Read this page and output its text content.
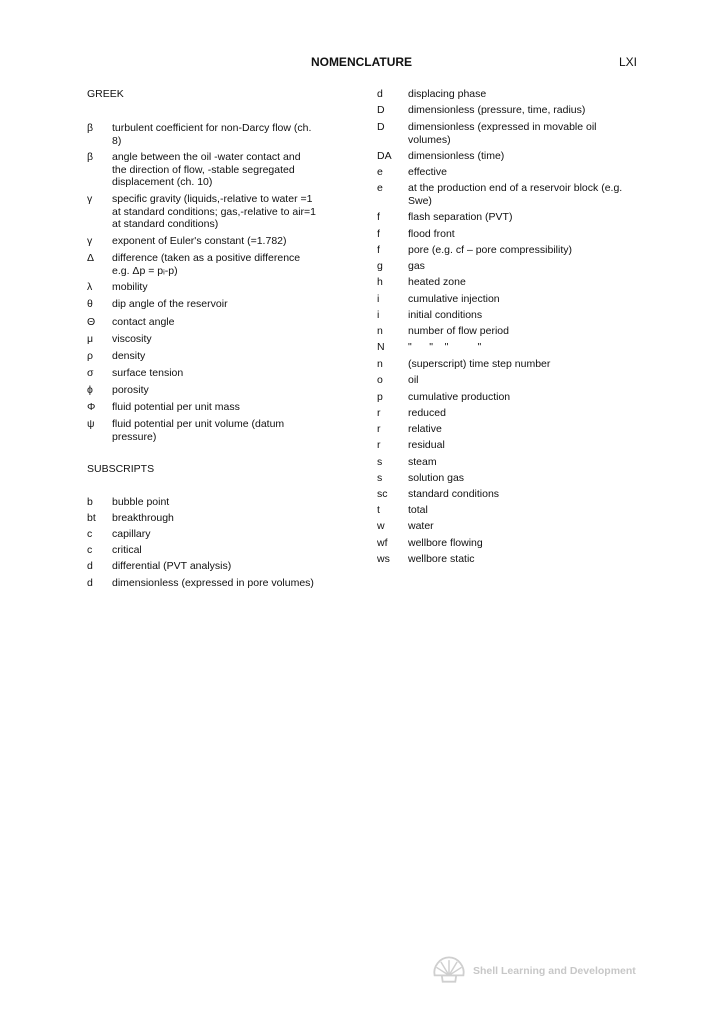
NOMENCLATURE	LXI
GREEK
SUBSCRIPTS
β	turbulent coefficient for non-Darcy flow (ch. 8)
β	angle between the oil -water contact and the direction of flow, -stable segregated displacement (ch. 10)
γ	specific gravity (liquids,-relative to water =1 at standard conditions; gas,-relative to air=1 at standard conditions)
γ	exponent of Euler's constant (=1.782)
Δ	difference (taken as a positive difference e.g. Δp = pᵢ-p)
λ	mobility
θ	dip angle of the reservoir
Θ	contact angle
μ	viscosity
ρ	density
σ	surface tension
ϕ	porosity
Φ	fluid potential per unit mass
ψ	fluid potential per unit volume (datum pressure)
b	bubble point
bt	breakthrough
c	capillary
c	critical
d	differential (PVT analysis)
d	dimensionless (expressed in pore volumes)
d	displacing phase
D	dimensionless (pressure, time, radius)
D	dimensionless (expressed in movable oil volumes)
DA	dimensionless (time)
e	effective
e	at the production end of a reservoir block (e.g. Swe)
f	flash separation (PVT)
f	flood front
f	pore (e.g. cf – pore compressibility)
g	gas
h	heated zone
i	cumulative injection
i	initial conditions
n	number of flow period
N	"      "    "          "
n	(superscript) time step number
o	oil
p	cumulative production
r	reduced
r	relative
r	residual
s	steam
s	solution gas
sc	standard conditions
t	total
w	water
wf	wellbore flowing
ws	wellbore static
Shell Learning and Development
